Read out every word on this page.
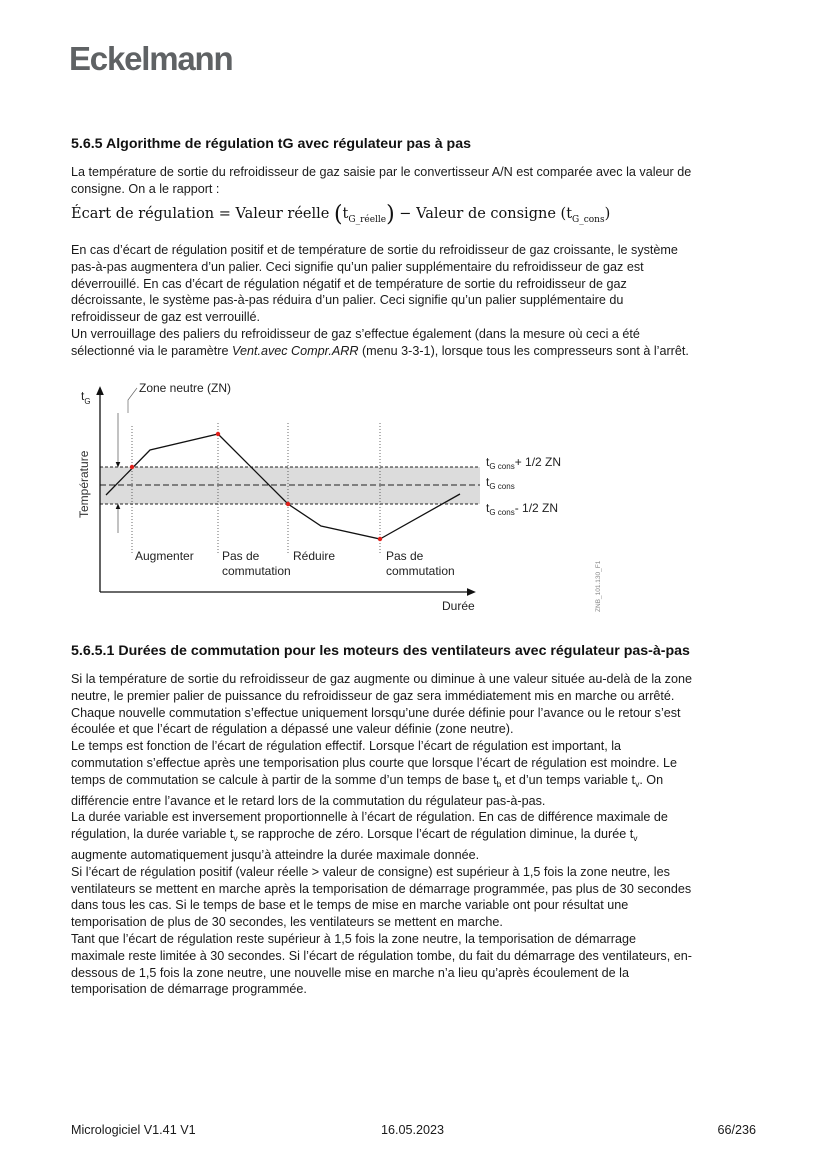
Eckelmann
5.6.5 Algorithme de régulation tG avec régulateur pas à pas
La température de sortie du refroidisseur de gaz saisie par le convertisseur A/N est comparée avec la valeur de
consigne. On a le rapport :
Écart de régulation = Valeur réelle $(t_{G\_réelle})$ − Valeur de consigne $(t_{G\_cons})$
En cas d’écart de régulation positif et de température de sortie du refroidisseur de gaz croissante, le système
pas-à-pas augmentera d’un palier. Ceci signifie qu’un palier supplémentaire du refroidisseur de gaz est
déverrouillé. En cas d’écart de régulation négatif et de température de sortie du refroidisseur de gaz
décroissante, le système pas-à-pas réduira d’un palier. Ceci signifie qu’un palier supplémentaire du
refroidisseur de gaz est verrouillé.
Un verrouillage des paliers du refroidisseur de gaz s’effectue également (dans la mesure où ceci a été
sélectionné via le paramètre Vent.avec Compr.ARR (menu 3-3-1), lorsque tous les compresseurs sont à l’arrêt.
$t_G$
Température
Durée
Zone neutre (ZN)
$t_{G cons}+ 1/2$ ZN
$t_{G cons}$
$t_{G cons}-$ 1/2 ZN
Augmenter Pas de
commutation
Réduire	Pas de
commutation	ZNB_101.130_F1
5.6.5.1 Durées de commutation pour les moteurs des ventilateurs avec régulateur pas-à-pas
Si la température de sortie du refroidisseur de gaz augmente ou diminue à une valeur située au-delà de la zone
neutre, le premier palier de puissance du refroidisseur de gaz sera immédiatement mis en marche ou arrêté.
Chaque nouvelle commutation s’effectue uniquement lorsqu’une durée définie pour l’avance ou le retour s’est
écoulée et que l’écart de régulation a dépassé une valeur définie (zone neutre).
Le temps est fonction de l’écart de régulation effectif. Lorsque l’écart de régulation est important, la
commutation s’effectue après une temporisation plus courte que lorsque l’écart de régulation est moindre. Le
temps de commutation se calcule à partir de la somme d’un temps de base $t_b$ et d’un temps variable $t_v$. On
différencie entre l’avance et le retard lors de la commutation du régulateur pas-à-pas.
La durée variable est inversement proportionnelle à l’écart de régulation. En cas de différence maximale de
régulation, la durée variable $t_v$ se rapproche de zéro. Lorsque l’écart de régulation diminue, la durée $t_v$
augmente automatiquement jusqu’à atteindre la durée maximale donnée.
Si l’écart de régulation positif (valeur réelle > valeur de consigne) est supérieur à 1,5 fois la zone neutre, les
ventilateurs se mettent en marche après la temporisation de démarrage programmée, pas plus de 30 secondes
dans tous les cas. Si le temps de base et le temps de mise en marche variable ont pour résultat une
temporisation de plus de 30 secondes, les ventilateurs se mettent en marche.
Tant que l’écart de régulation reste supérieur à 1,5 fois la zone neutre, la temporisation de démarrage
maximale reste limitée à 30 secondes. Si l’écart de régulation tombe, du fait du démarrage des ventilateurs, en-
dessous de 1,5 fois la zone neutre, une nouvelle mise en marche n’a lieu qu’après écoulement de la
temporisation de démarrage programmée.
Micrologiciel V1.41 V1	16.05.2023	66/236
